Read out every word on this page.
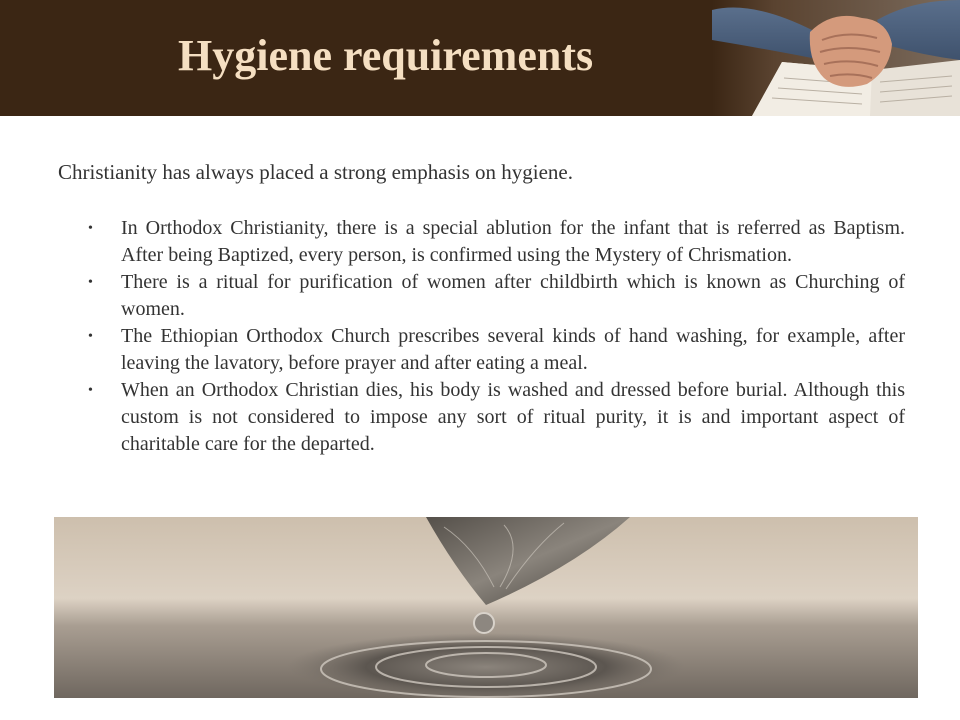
Hygiene requirements

Christianity has always placed a strong emphasis on hygiene.

• In Orthodox Christianity, there is a special ablution for the infant that is referred as Baptism. After being Baptized, every person, is confirmed using the Mystery of Chrismation.
• There is a ritual for purification of women after childbirth which is known as Churching of women.
• The Ethiopian Orthodox Church prescribes several kinds of hand washing, for example, after leaving the lavatory, before prayer and after eating a meal.
• When an Orthodox Christian dies, his body is washed and dressed before burial. Although this custom is not considered to impose any sort of ritual purity, it is and important aspect of charitable care for the departed.
